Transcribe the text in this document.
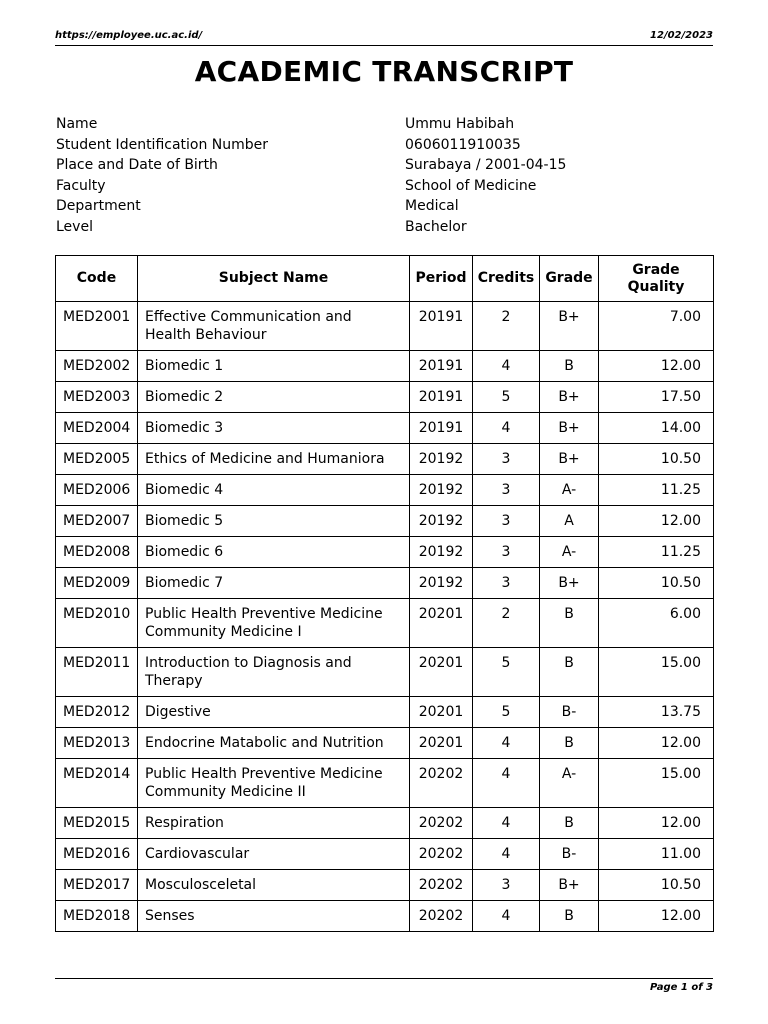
https://employee.uc.ac.id/	12/02/2023
ACADEMIC TRANSCRIPT
Name	Ummu Habibah
Student Identification Number	0606011910035
Place and Date of Birth	Surabaya / 2001-04-15
Faculty	School of Medicine
Department	Medical
Level	Bachelor
Code	Subject Name	Period	Credits	Grade	Grade Quality
MED2001	Effective Communication and Health Behaviour	20191	2	B+	7.00
MED2002	Biomedic 1	20191	4	B	12.00
MED2003	Biomedic 2	20191	5	B+	17.50
MED2004	Biomedic 3	20191	4	B+	14.00
MED2005	Ethics of Medicine and Humaniora	20192	3	B+	10.50
MED2006	Biomedic 4	20192	3	A-	11.25
MED2007	Biomedic 5	20192	3	A	12.00
MED2008	Biomedic 6	20192	3	A-	11.25
MED2009	Biomedic 7	20192	3	B+	10.50
MED2010	Public Health Preventive Medicine Community Medicine I	20201	2	B	6.00
MED2011	Introduction to Diagnosis and Therapy	20201	5	B	15.00
MED2012	Digestive	20201	5	B-	13.75
MED2013	Endocrine Matabolic and Nutrition	20201	4	B	12.00
MED2014	Public Health Preventive Medicine Community Medicine II	20202	4	A-	15.00
MED2015	Respiration	20202	4	B	12.00
MED2016	Cardiovascular	20202	4	B-	11.00
MED2017	Mosculosceletal	20202	3	B+	10.50
MED2018	Senses	20202	4	B	12.00
Page 1 of 3
